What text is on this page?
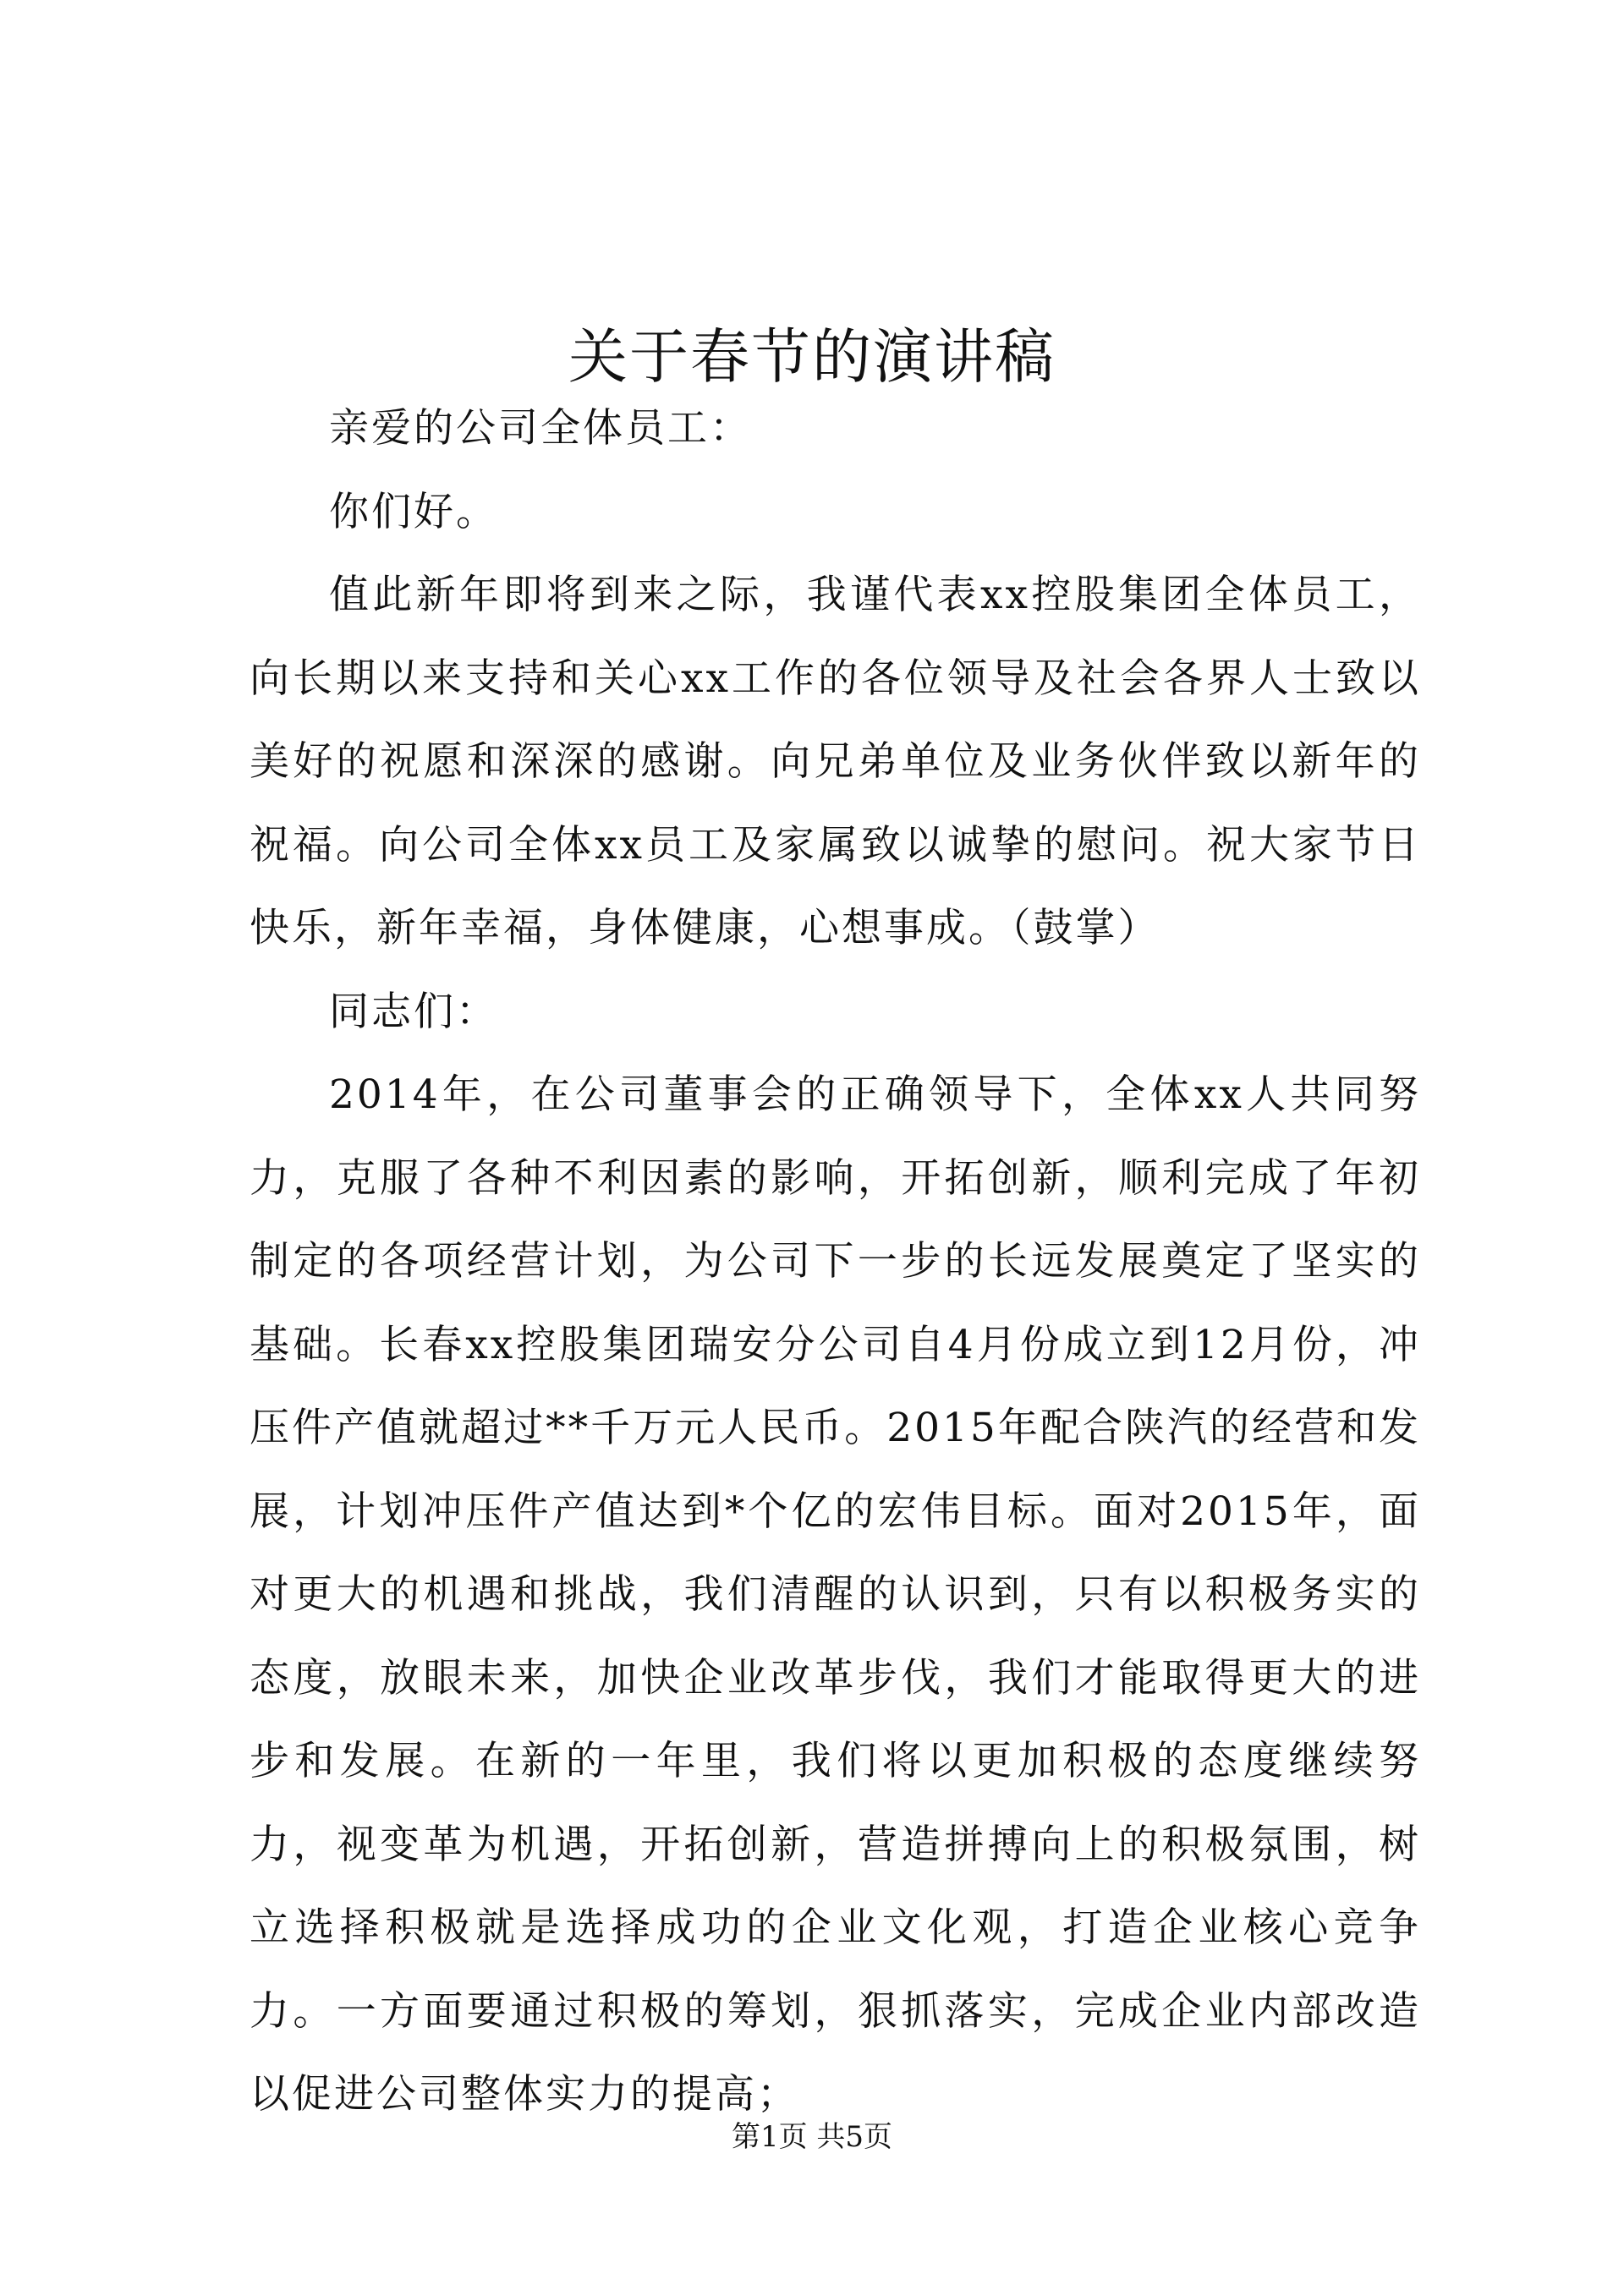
关于春节的演讲稿

亲爱的公司全体员工：

你们好。

值此新年即将到来之际，我谨代表xx控股集团全体员工，向长期以来支持和关心xx工作的各位领导及社会各界人士致以美好的祝愿和深深的感谢。向兄弟单位及业务伙伴致以新年的祝福。向公司全体xx员工及家属致以诚挚的慰问。祝大家节日快乐，新年幸福，身体健康，心想事成。（鼓掌）

同志们：

2014年，在公司董事会的正确领导下，全体xx人共同努力，克服了各种不利因素的影响，开拓创新，顺利完成了年初制定的各项经营计划，为公司下一步的长远发展奠定了坚实的基础。长春xx控股集团瑞安分公司自4月份成立到12月份，冲压件产值就超过**千万元人民币。2015年配合陕汽的经营和发展，计划冲压件产值达到*个亿的宏伟目标。面对2015年，面对更大的机遇和挑战，我们清醒的认识到，只有以积极务实的态度，放眼未来，加快企业改革步伐，我们才能取得更大的进步和发展。在新的一年里，我们将以更加积极的态度继续努力，视变革为机遇，开拓创新，营造拼搏向上的积极氛围，树立选择积极就是选择成功的企业文化观，打造企业核心竞争力。一方面要通过积极的筹划，狠抓落实，完成企业内部改造以促进公司整体实力的提高；

第1页 共5页
